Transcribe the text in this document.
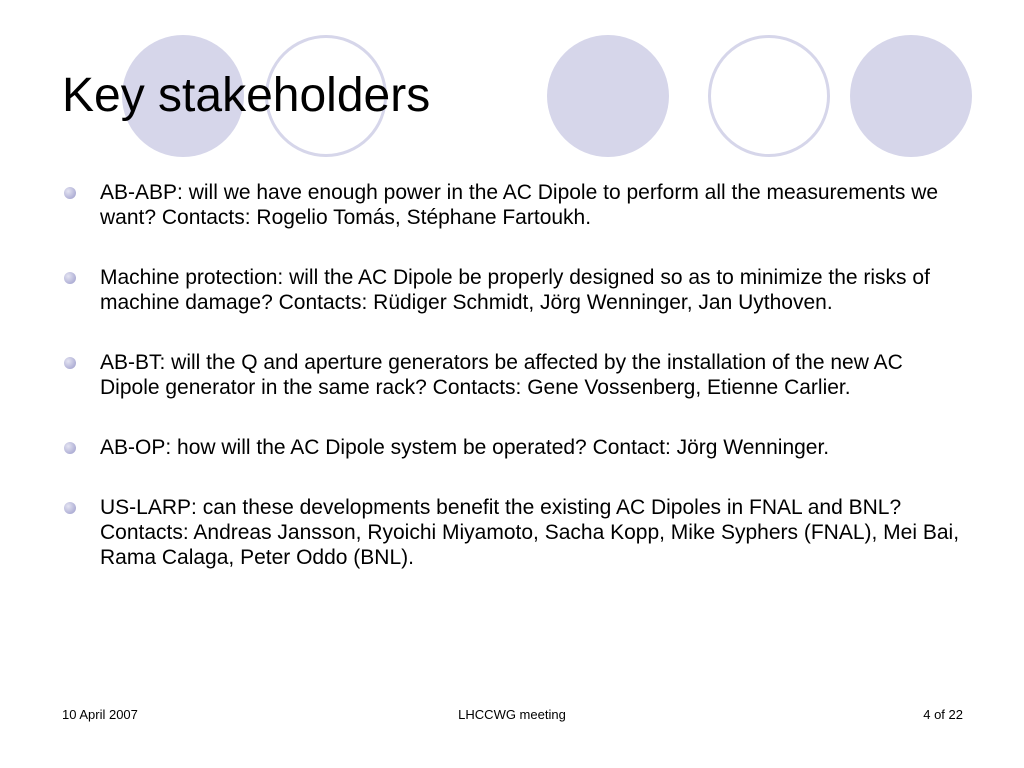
Key stakeholders
AB-ABP: will we have enough power in the AC Dipole to perform all the measurements we want? Contacts: Rogelio Tomás, Stéphane Fartoukh.
Machine protection: will the AC Dipole be properly designed so as to minimize the risks of machine damage? Contacts: Rüdiger Schmidt, Jörg Wenninger, Jan Uythoven.
AB-BT: will the Q and aperture generators be affected by the installation of the new AC Dipole generator in the same rack? Contacts: Gene Vossenberg, Etienne Carlier.
AB-OP: how will the AC Dipole system be operated? Contact: Jörg Wenninger.
US-LARP: can these developments benefit the existing AC Dipoles in FNAL and BNL? Contacts: Andreas Jansson, Ryoichi Miyamoto, Sacha Kopp, Mike Syphers (FNAL), Mei Bai, Rama Calaga, Peter Oddo (BNL).
10 April 2007	LHCCWG meeting	4 of 22
